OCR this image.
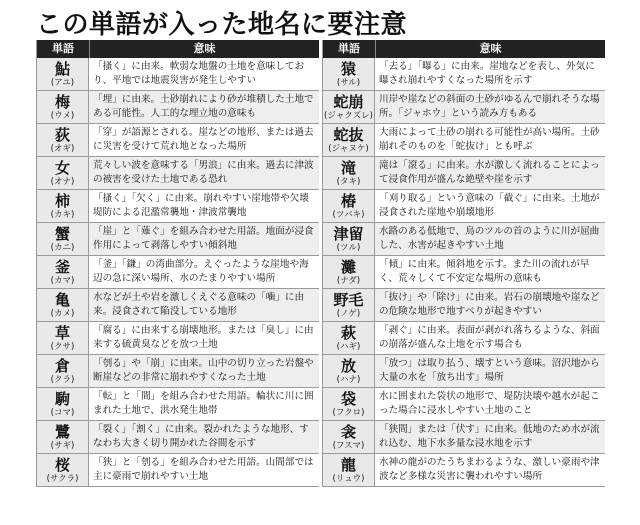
この単語が入った地名に要注意
単語	意味
鮎
(アユ)
「搔く」に由来。軟弱な地盤の土地を意味しており、平地では地震災害が発生しやすい
梅
(ウメ)
「埋」に由来。土砂崩れにより砂が堆積した土地である可能性。人工的な埋立地の意味も
荻
(オギ)
「穿」が語源とされる。崖などの地形、または過去に災害を受けて荒れ地となった場所
女
(オナ)
荒々しい波を意味する「男浪」に由来。過去に津波の被害を受けた土地である恐れ
柿
(カキ)
「搔く」「欠く」に由来。崩れやすい崖地帯や欠壊堤防による氾濫常襲地・津波常襲地
蟹
(カニ)
「崖」と「薙ぐ」を組み合わせた用語。地面が浸食作用によって剥落しやすい傾斜地
釜
(カマ)
「釜」「鎌」の湾曲部分。えぐったような崖地や海辺の急に深い場所、水のたまりやすい場所
亀
(カメ)
水などが土や岩を激しくえぐる意味の「噛」に由来。浸食されて陥没している地形
草
(クサ)
「腐る」に由来する崩壊地形。または「臭し」に由来する硫黄臭などを放つ土地
倉
(クラ)
「刳る」や「崩」に由来。山中の切り立った岩盤や断崖などの非常に崩れやすくなった土地
駒
(コマ)
「転」と「間」を組み合わせた用語。輪状に川に囲まれた土地で、洪水発生地帯
鷺
(サギ)
「裂く」「割く」に由来。裂かれたような地形、すなわち大きく切り開かれた谷間を示す
桜
(サクラ)
「狭」と「刳る」を組み合わせた用語。山間部では主に豪雨で崩れやすい土地
単語	意味
猿
(サル)
「去る」「曝る」に由来。崖地などを表し、外気に曝され崩れやすくなった場所を示す
蛇崩
(ジャクズレ)
川岸や崖などの斜面の土砂がゆるんで崩れそうな場所。「ジャホウ」という読み方もある
蛇抜
(ジャヌケ)
大雨によって土砂の崩れる可能性が高い場所。土砂崩れそのものを「蛇抜け」とも呼ぶ
滝
(タキ)
滝は「滾る」に由来。水が激しく流れることによって浸食作用が盛んな絶壁や崖を示す
椿
(ツバキ)
「刈り取る」という意味の「截ぐ」に由来。土地が浸食された崖地や崩壊地形
津留
(ツル)
水路のある低地で、鳥のツルの首のように川が屈曲した、水害が起きやすい土地
灘
(ナダ)
「傾」に由来。傾斜地を示す。また川の流れが早く、荒々しくて不安定な場所の意味も
野毛
(ノゲ)
「抜け」や「除け」に由来。岩石の崩壊地や崖などの危険な地形で地すべりが起きやすい
萩
(ハギ)
「剥ぐ」に由来。表面が剥がれ落ちるような、斜面の崩落が盛んな土地を示す場合も
放
(ハナ)
「放つ」は取り払う、壊すという意味。沼沢地から大量の水を「放ち出す」場所
袋
(フクロ)
水に囲まれた袋状の地形で、堤防決壊や越水が起こった場合に浸水しやすい土地のこと
衾
(フスマ)
「狭間」または「伏す」に由来。低地のため水が流れ込む、地下水多量な浸水地を示す
龍
(リュウ)
水神の龍がのたうちまわるような、激しい豪雨や津波など多様な災害に襲われやすい場所
